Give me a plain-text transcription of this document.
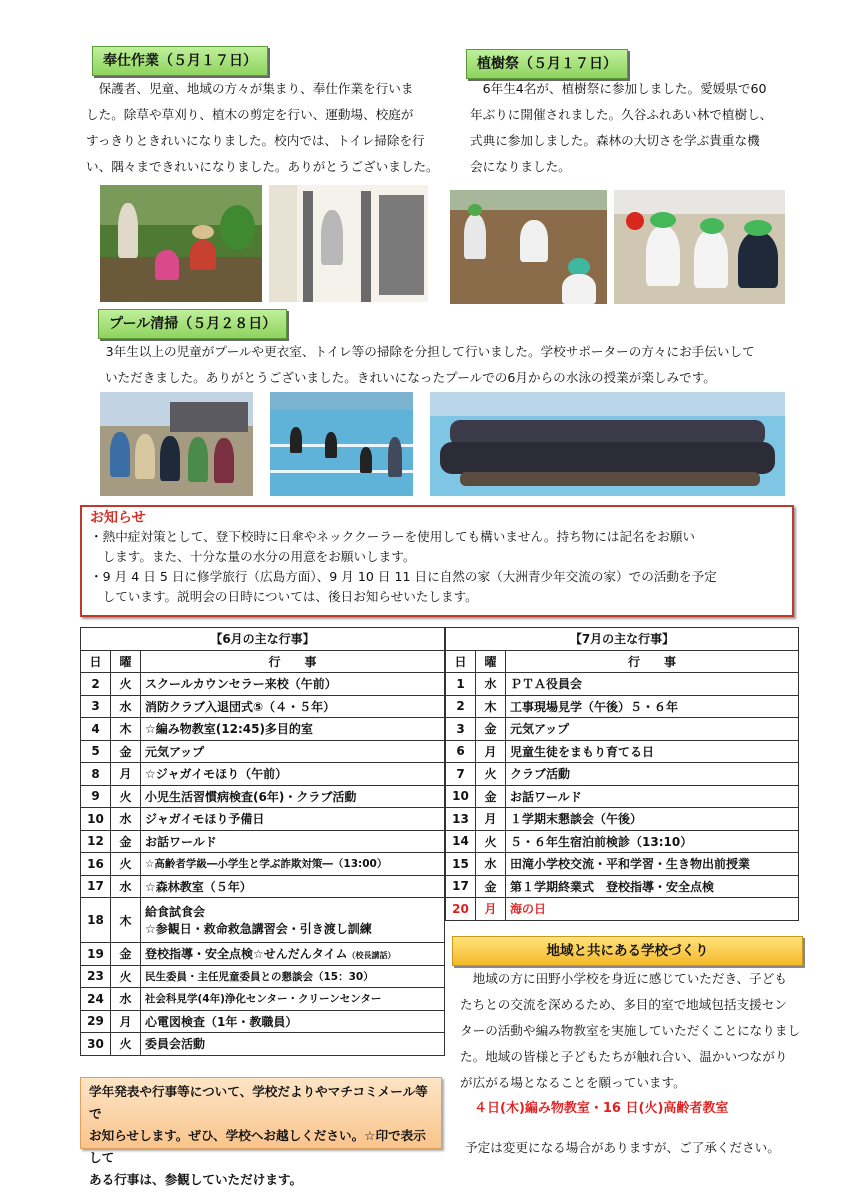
奉仕作業（５月１７日）
　保護者、児童、地域の方々が集まり、奉仕作業を行いま
した。除草や草刈り、植木の剪定を行い、運動場、校庭が
すっきりときれいになりました。校内では、トイレ掃除を行
い、隅々まできれいになりました。ありがとうございました。
植樹祭（５月１７日）
　6年生4名が、植樹祭に参加しました。愛媛県で60
年ぶりに開催されました。久谷ふれあい林で植樹し、
式典に参加しました。森林の大切さを学ぶ貴重な機
会になりました。
プール清掃（５月２８日）
　3年生以上の児童がプールや更衣室、トイレ等の掃除を分担して行いました。学校サポーターの方々にお手伝いして
いただきました。ありがとうございました。きれいになったプールでの6月からの水泳の授業が楽しみです。
お知らせ
・熱中症対策として、登下校時に日傘やネッククーラーを使用しても構いません。持ち物には記名をお願い
　します。また、十分な量の水分の用意をお願いします。
・9 月 4 日 5 日に修学旅行（広島方面）、9 月 10 日 11 日に自然の家（大洲青少年交流の家）での活動を予定
　しています。説明会の日時については、後日お知らせいたします。
【6月の主な行事】		
日	曜	行　　事
2	火	スクールカウンセラー来校（午前）
3	水	消防クラブ入退団式⑤（４・５年）
4	木	☆編み物教室(12:45)多目的室
5	金	元気アップ
8	月	☆ジャガイモほり（午前）
9	火	小児生活習慣病検査(6年)・クラブ活動
10	水	ジャガイモほり予備日
12	金	お話ワールド
16	火	☆高齢者学級―小学生と学ぶ詐欺対策―（13:00）
17	水	☆森林教室（５年）
18	木	給食試食会
☆参観日・救命救急講習会・引き渡し訓練
19	金	登校指導・安全点検☆せんだんタイム（校長講話）
23	火	民生委員・主任児童委員との懇談会（15：30）
24	水	社会科見学(4年)浄化センター・クリーンセンター
29	月	心電図検査（1年・教職員）
30	火	委員会活動
【7月の主な行事】		
日	曜	行　　事
1	水	ＰＴＡ役員会
2	木	工事現場見学（午後）５・６年
3	金	元気アップ
6	月	児童生徒をまもり育てる日
7	火	クラブ活動
10	金	お話ワールド
13	月	１学期末懇談会（午後）
14	火	５・６年生宿泊前検診（13:10）
15	水	田滝小学校交流・平和学習・生き物出前授業
17	金	第１学期終業式　登校指導・安全点検
20	月	海の日
地域と共にある学校づくり
　地域の方に田野小学校を身近に感じていただき、子ども
たちとの交流を深めるため、多目的室で地域包括支援セン
ターの活動や編み物教室を実施していただくことになりまし
た。地域の皆様と子どもたちが触れ合い、温かいつながり
が広がる場となることを願っています。
４日(木)編み物教室・16 日(火)高齢者教室
学年発表や行事等について、学校だよりやマチコミメール等で
お知らせします。ぜひ、学校へお越しください。☆印で表示して
ある行事は、参観していただけます。
予定は変更になる場合がありますが、ご了承ください。
